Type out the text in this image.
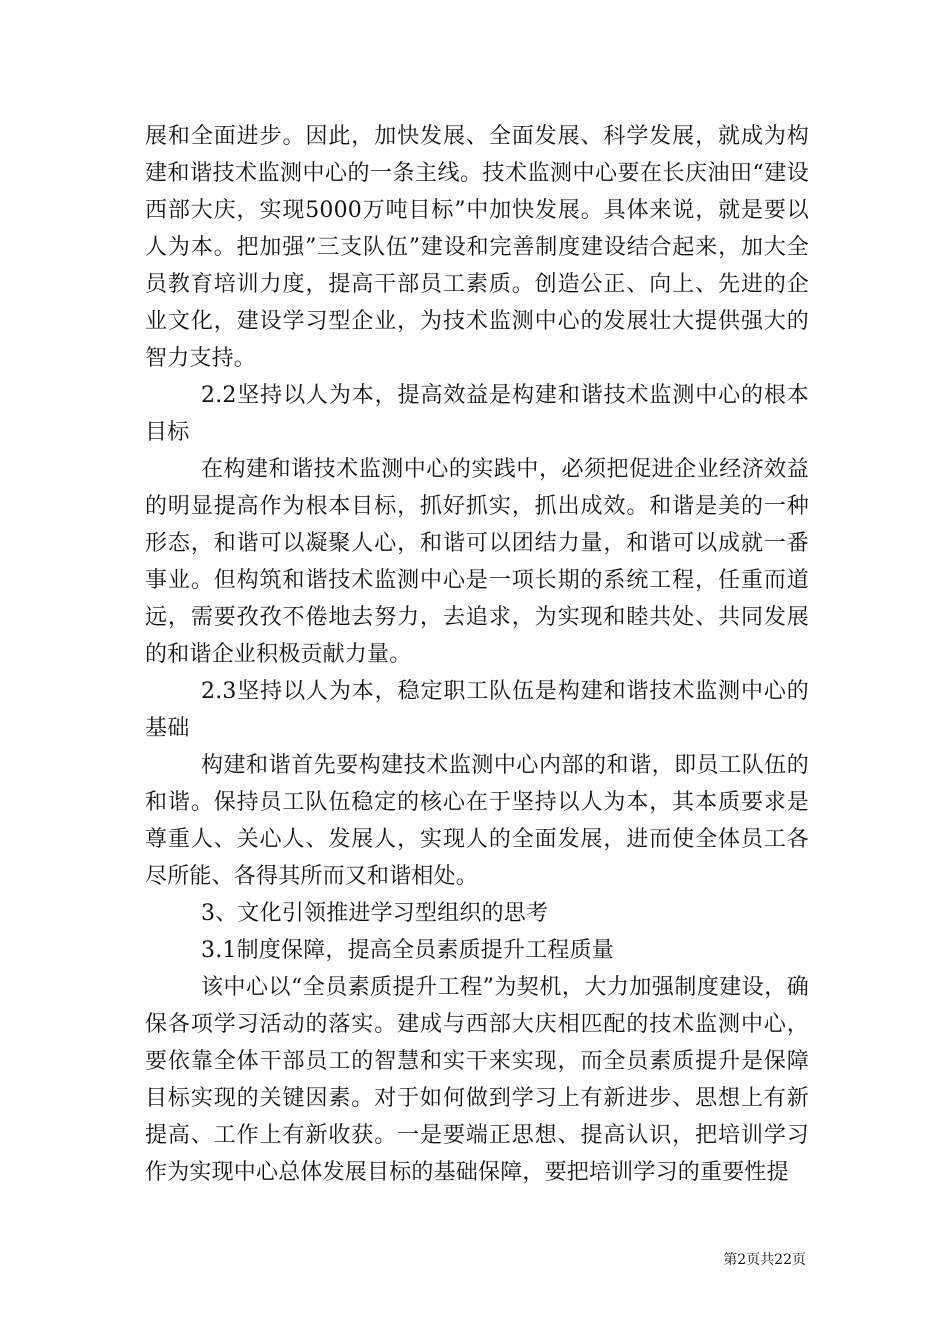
展和全面进步。因此，加快发展、全面发展、科学发展，就成为构建和谐技术监测中心的一条主线。技术监测中心要在长庆油田“建设西部大庆，实现5000万吨目标”中加快发展。具体来说，就是要以人为本。把加强”三支队伍”建设和完善制度建设结合起来，加大全员教育培训力度，提高干部员工素质。创造公正、向上、先进的企业文化，建设学习型企业，为技术监测中心的发展壮大提供强大的智力支持。

2.2坚持以人为本，提高效益是构建和谐技术监测中心的根本目标

在构建和谐技术监测中心的实践中，必须把促进企业经济效益的明显提高作为根本目标，抓好抓实，抓出成效。和谐是美的一种形态，和谐可以凝聚人心，和谐可以团结力量，和谐可以成就一番事业。但构筑和谐技术监测中心是一项长期的系统工程，任重而道远，需要孜孜不倦地去努力，去追求，为实现和睦共处、共同发展的和谐企业积极贡献力量。

2.3坚持以人为本，稳定职工队伍是构建和谐技术监测中心的基础

构建和谐首先要构建技术监测中心内部的和谐，即员工队伍的和谐。保持员工队伍稳定的核心在于坚持以人为本，其本质要求是尊重人、关心人、发展人，实现人的全面发展，进而使全体员工各尽所能、各得其所而又和谐相处。

3、文化引领推进学习型组织的思考

3.1制度保障，提高全员素质提升工程质量

该中心以“全员素质提升工程”为契机，大力加强制度建设，确保各项学习活动的落实。建成与西部大庆相匹配的技术监测中心，要依靠全体干部员工的智慧和实干来实现，而全员素质提升是保障目标实现的关键因素。对于如何做到学习上有新进步、思想上有新提高、工作上有新收获。一是要端正思想、提高认识，把培训学习作为实现中心总体发展目标的基础保障，要把培训学习的重要性提

第2页共22页
